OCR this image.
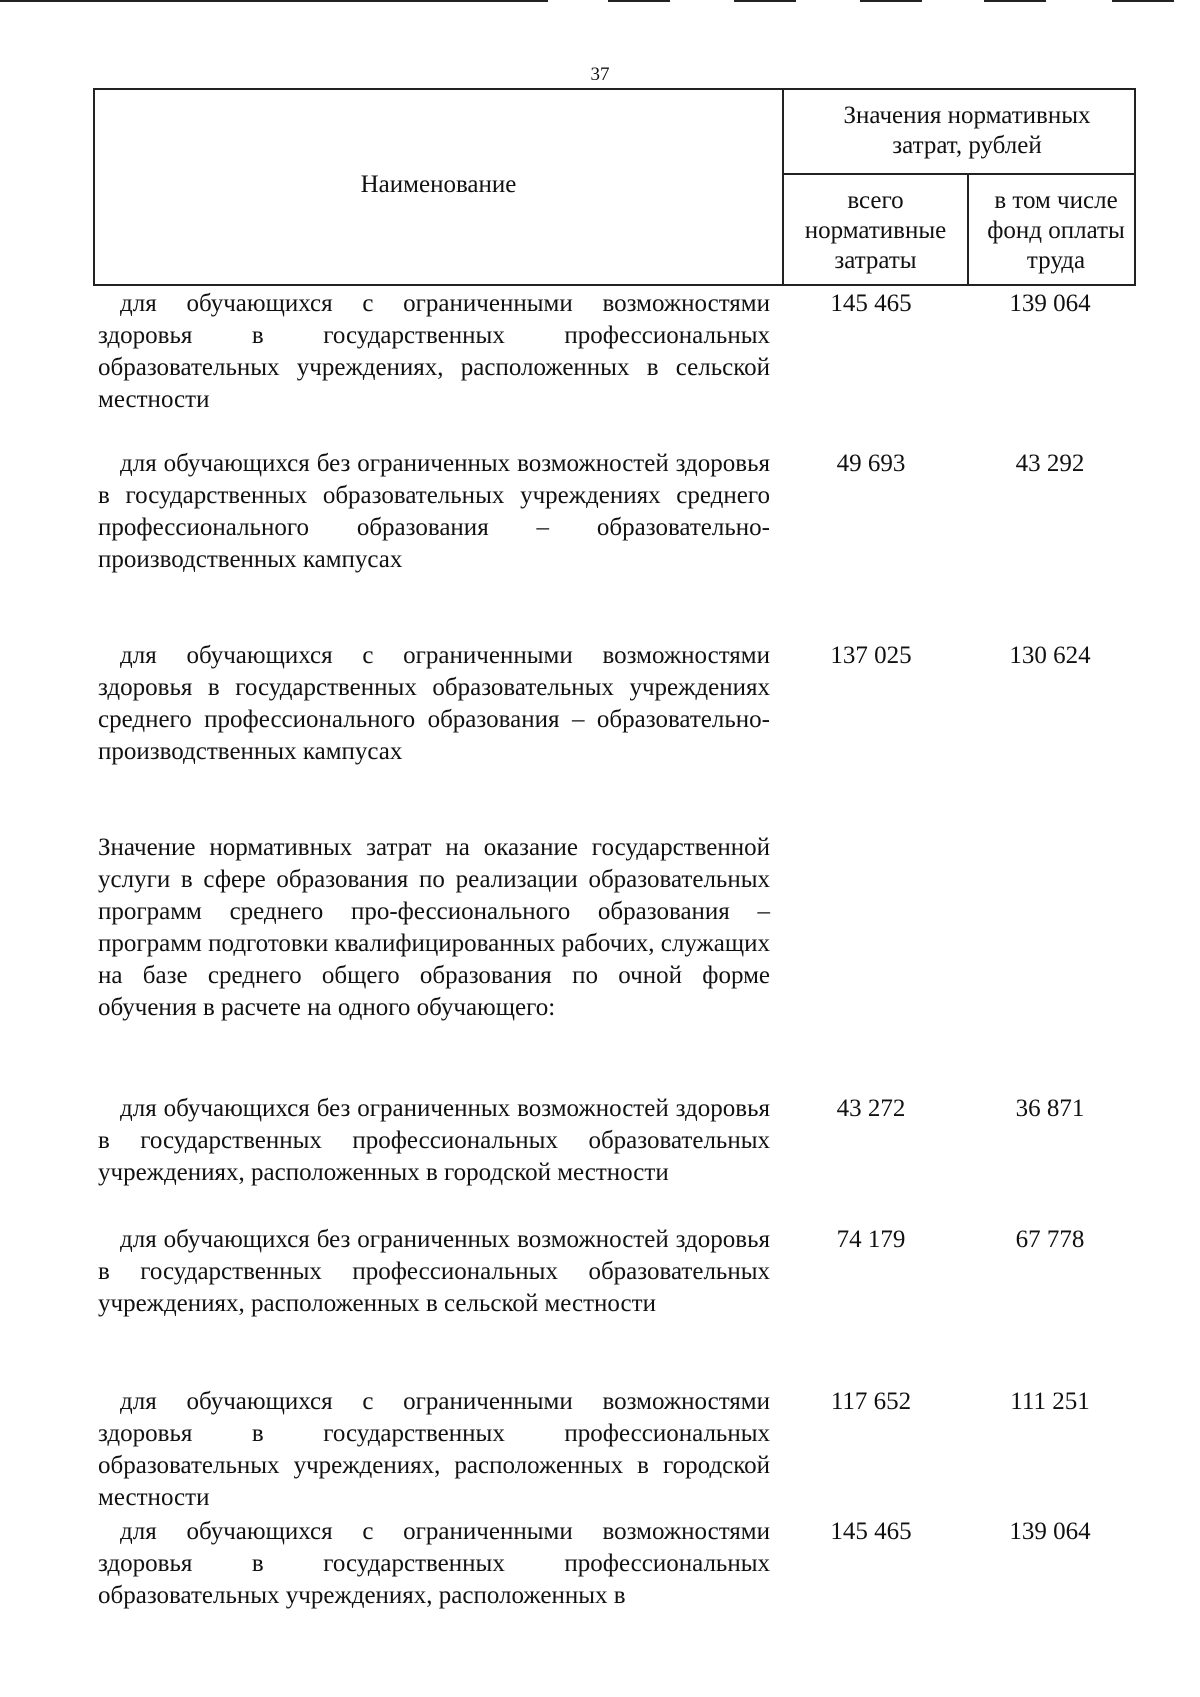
37
Наименование
Значения нормативных затрат, рублей
всего нормативные затраты
в том числе фонд оплаты труда
для обучающихся с ограниченными возможностями здоровья в государственных профессиональных образовательных учреждениях, расположенных в сельской местности
145 465	139 064
для обучающихся без ограниченных возможностей здоровья в государственных образовательных учреждениях среднего профессионального образования – образовательно-производственных кампусах
49 693	43 292
для обучающихся с ограниченными возможностями здоровья в государственных образовательных учреждениях среднего профессионального образования – образовательно-производственных кампусах
137 025	130 624
Значение нормативных затрат на оказание государственной услуги в сфере образования по реализации образовательных программ среднего про-фессионального образования – программ подготовки квалифицированных рабочих, служащих на базе среднего общего образования по очной форме обучения в расчете на одного обучающего:
для обучающихся без ограниченных возможностей здоровья в государственных профессиональных образовательных учреждениях, расположенных в городской местности
43 272	36 871
для обучающихся без ограниченных возможностей здоровья в государственных профессиональных образовательных учреждениях, расположенных в сельской местности
74 179	67 778
для обучающихся с ограниченными возможностями здоровья в государственных профессиональных образовательных учреждениях, расположенных в городской местности
117 652	111 251
для обучающихся с ограниченными возможностями здоровья в государственных профессиональных образовательных учреждениях, расположенных в
145 465	139 064
